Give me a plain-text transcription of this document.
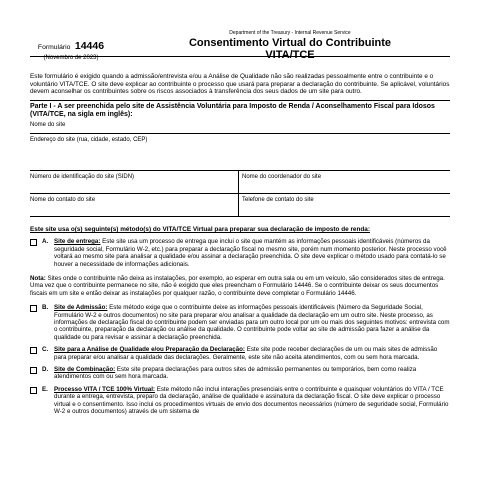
Formulário 14446
(Novembro de 2023)
Department of the Treasury - Internal Revenue Service
Consentimento Virtual do Contribuinte
VITA/TCE

Este formulário é exigido quando a admissão/entrevista e/ou a Análise de Qualidade não são realizadas pessoalmente entre o contribuinte e o voluntário VITA/TCE. O site deve explicar ao contribuinte o processo que usará para preparar a declaração do contribuinte. Se aplicável, voluntários devem aconselhar os contribuintes sobre os riscos associados à transferência dos seus dados de um site para outro.

Parte I - A ser preenchida pelo site de Assistência Voluntária para Imposto de Renda / Aconselhamento Fiscal para Idosos (VITA/TCE, na sigla em inglês):
Nome do site
Endereço do site (rua, cidade, estado, CEP)
Número de identificação do site (SIDN)	Nome do coordenador do site
Nome do contato do site	Telefone de contato do site
Este site usa o(s) seguinte(s) método(s) do VITA/TCE Virtual para preparar sua declaração de imposto de renda:
A. Site de entrega: Este site usa um processo de entrega que inclui o site que mantém as informações pessoais identificáveis (números da seguridade social, Formulário W-2, etc.) para preparar a declaração fiscal no mesmo site, porém num momento posterior. Neste processo você voltará ao mesmo site para analisar a qualidade e/ou assinar a declaração preenchida. O site deve explicar o método usado para contatá-lo se houver a necessidade de informações adicionais.
Nota: Sites onde o contribuinte não deixa as instalações, por exemplo, ao esperar em outra sala ou em um veículo, são considerados sites de entrega. Uma vez que o contribuinte permanece no site, não é exigido que eles preencham o Formulário 14446. Se o contribuinte deixar os seus documentos fiscais em um site e então deixar as instalações por qualquer razão, o contribuinte deve completar o Formulário 14446.
B. Site de Admissão: Este método exige que o contribuinte deixe as informações pessoais identificáveis (Número da Seguridade Social, Formulário W-2 e outros documentos) no site para preparar e/ou analisar a qualidade da declaração em um outro site. Neste processo, as informações de declaração fiscal do contribuinte podem ser enviadas para um outro local por um ou mais dos seguintes motivos: entrevista com o contribuinte, preparação da declaração ou análise da qualidade. O contribuinte pode voltar ao site de admissão para fazer a análise da qualidade ou para revisar e assinar a declaração preenchida.
C. Site para a Análise de Qualidade e/ou Preparação da Declaração: Este site pode receber declarações de um ou mais sites de admissão para preparar e/ou analisar a qualidade das declarações. Geralmente, este site não aceita atendimentos, com ou sem hora marcada.
D. Site de Combinação: Este site prepara declarações para outros sites de admissão permanentes ou temporários, bem como realiza atendimentos com ou sem hora marcada.
E. Processo VITA / TCE 100% Virtual: Este método não inclui interações presenciais entre o contribuinte e quaisquer voluntários do VITA / TCE durante a entrega, entrevista, preparo da declaração, análise de qualidade e assinatura da declaração fiscal. O site deve explicar o processo virtual e o consentimento. Isso inclui os procedimentos virtuais de envio dos documentos necessários (número de seguridade social, Formulário W-2 e outros documentos) através de um sistema de
